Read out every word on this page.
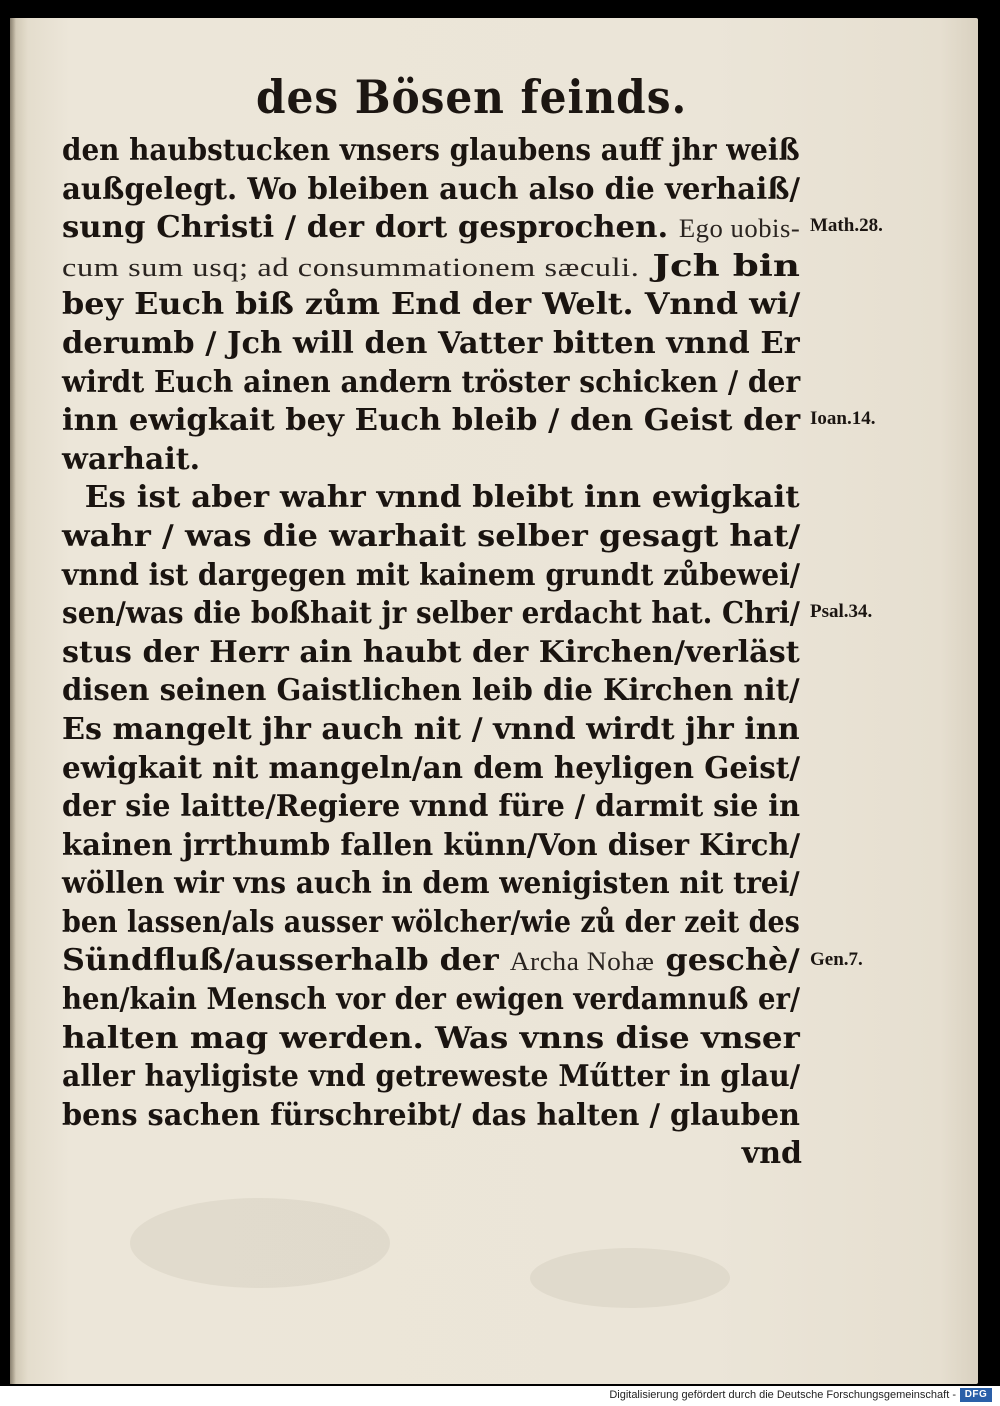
des Bösen feinds.
den haubstucken vnsers glaubens auff jhr weiß
außgelegt. Wo bleiben auch also die verhaiß/
sung Christi / der dort gesprochen. Ego uobis-
cum sum usq; ad consummationem sæculi. Jch bin
bey Euch biß zům End der Welt. Vnnd wi/
derumb / Jch will den Vatter bitten vnnd Er
wirdt Euch ainen andern tröster schicken / der
inn ewigkait bey Euch bleib / den Geist der
warhait.
Es ist aber wahr vnnd bleibt inn ewigkait
wahr / was die warhait selber gesagt hat/
vnnd ist dargegen mit kainem grundt zůbewei/
sen/was die boßhait jr selber erdacht hat. Chri/
stus der Herr ain haubt der Kirchen/verläst
disen seinen Gaistlichen leib die Kirchen nit/
Es mangelt jhr auch nit / vnnd wirdt jhr inn
ewigkait nit mangeln/an dem heyligen Geist/
der sie laitte/Regiere vnnd füre / darmit sie in
kainen jrrthumb fallen künn/Von diser Kirch/
wöllen wir vns auch in dem wenigisten nit trei/
ben lassen/als ausser wölcher/wie zů der zeit des
Sündfluß/ausserhalb der Archa Nohæ geschè/
hen/kain Mensch vor der ewigen verdamnuß er/
halten mag werden. Was vnns dise vnser
aller hayligiste vnd getreweste Műtter in glau/
bens sachen fürschreibt/ das halten / glauben
vnd
Math.28.
Ioan.14.
Psal.34.
Gen.7.
Digitalisierung gefördert durch die Deutsche Forschungsgemeinschaft - DFG
